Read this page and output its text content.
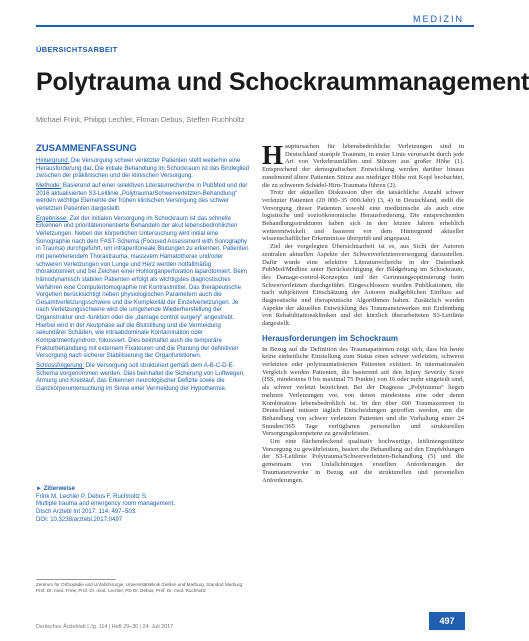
MEDIZIN
ÜBERSICHTSARBEIT
Polytrauma und Schockraummanagement
Michael Frink, Philipp Lechler, Florian Debus, Steffen Ruchholtz
ZUSAMMENFASSUNG

Hintergrund: Die Versorgung schwer verletzter Patienten stellt weiterhin eine Herausforderung dar. Die initiale Behandlung im Schockraum ist das Bindeglied zwischen der präklinischen und der klinischen Versorgung.

Methode: Basierend auf einer selektiven Literaturrecherche in PubMed und der 2016 aktualisierten S3-Leitlinie „Polytrauma/Schwerverletzten-Behandlung“ werden wichtige Elemente der frühen klinischen Versorgung des schwer verletzten Patienten dargestellt.

Ergebnisse: Ziel der initialen Versorgung im Schockraum ist das schnelle Erkennen und prioritätenorientierte Behandeln der akut lebensbedrohlichen Verletzungen. Neben der körperlichen Untersuchung wird initial eine Sonographie nach dem FAST-Schema (Focused Assessment with Sonography in Trauma) durchgeführt, um intraperitoneale Blutungen zu erkennen. Patienten mit penetrierendem Thoraxtrauma, massivem Hämatothorax und/oder schweren Verletzungen von Lunge und Herz werden notfallmäßig thorakotomiert und bei Zeichen einer Hohlorganperforation laparotomiert. Beim hämodynamisch stabilen Patienten erfolgt als wichtigstes diagnostisches Verfahren eine Computertomographie mit Kontrastmittel. Das therapeutische Vorgehen berücksichtigt neben physiologischen Parametern auch die Gesamtverletzungsschwere und die Komplexität der Einzelverletzungen. Je nach Verletzungsschwere wird die umgehende Wiederherstellung der Organstruktur und -funktion oder die „damage control surgery“ angestrebt. Hierbei wird in der Akutphase auf die Blutstillung und die Vermeidung sekundärer Schäden, wie intraabdominale Kontamination oder Kompartmentsyndrom, fokussiert. Dies beinhaltet auch die temporäre Frakturbehandlung mit externem Fixateuren und die Planung der definitiven Versorgung nach sicherer Stabilisierung der Organfunktionen.

Schlussfolgerung: Die Versorgung soll strukturiert gemäß dem A-B-C-D-E-Schema vorgenommen werden. Dies beinhaltet die Sicherung von Luftwegen, Atmung und Kreislauf, das Erkennen neurologischer Defizite sowie die Ganzkörperuntersuchung im Sinne einer Vermeidung der Hypothermie.

► Zitierweise
Frink M, Lechler P, Debus F, Ruchholtz S:
Multiple trauma and emergency room management.
Dtsch Arztebl Int 2017; 114: 497–503.
DOI: 10.3238/arztebl.2017.0497
Zentrum für Orthopädie und Unfallchirurgie, Universitätsklinik Gießen und Marburg, Standort Marburg: Prof. Dr. med. Frink, Prof. Dr. med. Lechler, PD Dr. Debus, Prof. Dr. med. Ruchholtz
Deutsches Ärzteblatt | Jg. 114 | Heft 29–30 | 24. Juli 2017
497

Hauptursachen für lebensbedrohliche Verletzungen sind in Deutschland stumpfe Traumen, in erster Linie verursacht durch jede Art von Verkehrsunfällen und Stürzen aus großer Höhe (1). Entsprechend der demografischen Entwicklung werden darüber hinaus zunehmend ältere Patienten Stürze aus niedriger Höhe mit Kopf beobachtet, die zu schweren Schädel-Hirn-Traumata führen (2).

Trotz der aktuellen Diskussion über die tatsächliche Anzahl schwer verletzter Patienten (20 000–35 000/Jahr) (3, 4) in Deutschland, stellt die Versorgung dieser Patienten sowohl eine medizinische als auch eine logistische und sozioökonomische Herausforderung. Die entsprechenden Behandlungsstrukturen haben sich in den letzten Jahren erheblich weiterentwickelt und basieren vor dem Hintergrund aktueller wissenschaftlicher Erkenntnisse überprüft und angepasst.

Ziel der vorgelegten Übersichtsarbeit ist es, aus Sicht der Autoren zentralen aktuellen Aspekte der Schwerverletztenversorgung darzustellen. Dafür wurde eine selektive Literaturrecherche in der Datenbank PubMed/Medline unter Berücksichtigung der Bildgebung im Schockraum, des Damage-control-Konzeptes und der Gerinnungsoptimierung beim Schwerverletzten durchgeführt. Eingeschlossen wurden Publikationen, die nach subjektiven Einschätzung der Autoren maßgeblichen Einfluss auf diagnostische und therapeutische Algorithmen haben. Zusätzlich werden Aspekte der aktuellen Entwicklung des Traumanetzwerkes mit Einbindung von Rehabilitationskliniken und der kürzlich überarbeiteten S3-Leitlinie dargestellt.

Herausforderungen im Schockraum

In Bezug auf die Definition des Traumapatienten zeigt sich, dass bis heute keine einheitliche Einstellung zum Status eines schwer verletzten, schwerst verletzten oder polytraumatisierten Patienten existiert. In internationalen Vergleich werden Patienten, die basierend auf den Injury Severity Score (ISS, mindestens 0 bis maximal 75 Punkte) von 16 oder mehr eingeteilt sind, als schwer verletzt bezeichnet. Bei der Diagnose „Polytrauma“ liegen mehrere Verletzungen vor, von denen mindestens eine oder deren Kombination lebensbedrohlich ist. In den über 600 Traumazentren in Deutschland müssen täglich Entscheidungen getroffen werden, um die Behandlung von schwer verletzten Patienten und die Vorhaltung einer 24 Stunden/365 Tage verfügbaren personellen und strukturellen Versorgungskompetenz zu gewährleisten.

Um eine flächendeckend qualitativ hochwertige, leitliniengestützte Versorgung zu gewährleisten, basiert die Behandlung auf den Empfehlungen der S3-Leitlinie Polytrauma/Schwerverletzten-Behandlung (5) und die gemeinsam von Unfallchirurgen erstellten Anforderungen der Traumanetzwerke in Bezug auf die strukturellen und personellen Anforderungen.
